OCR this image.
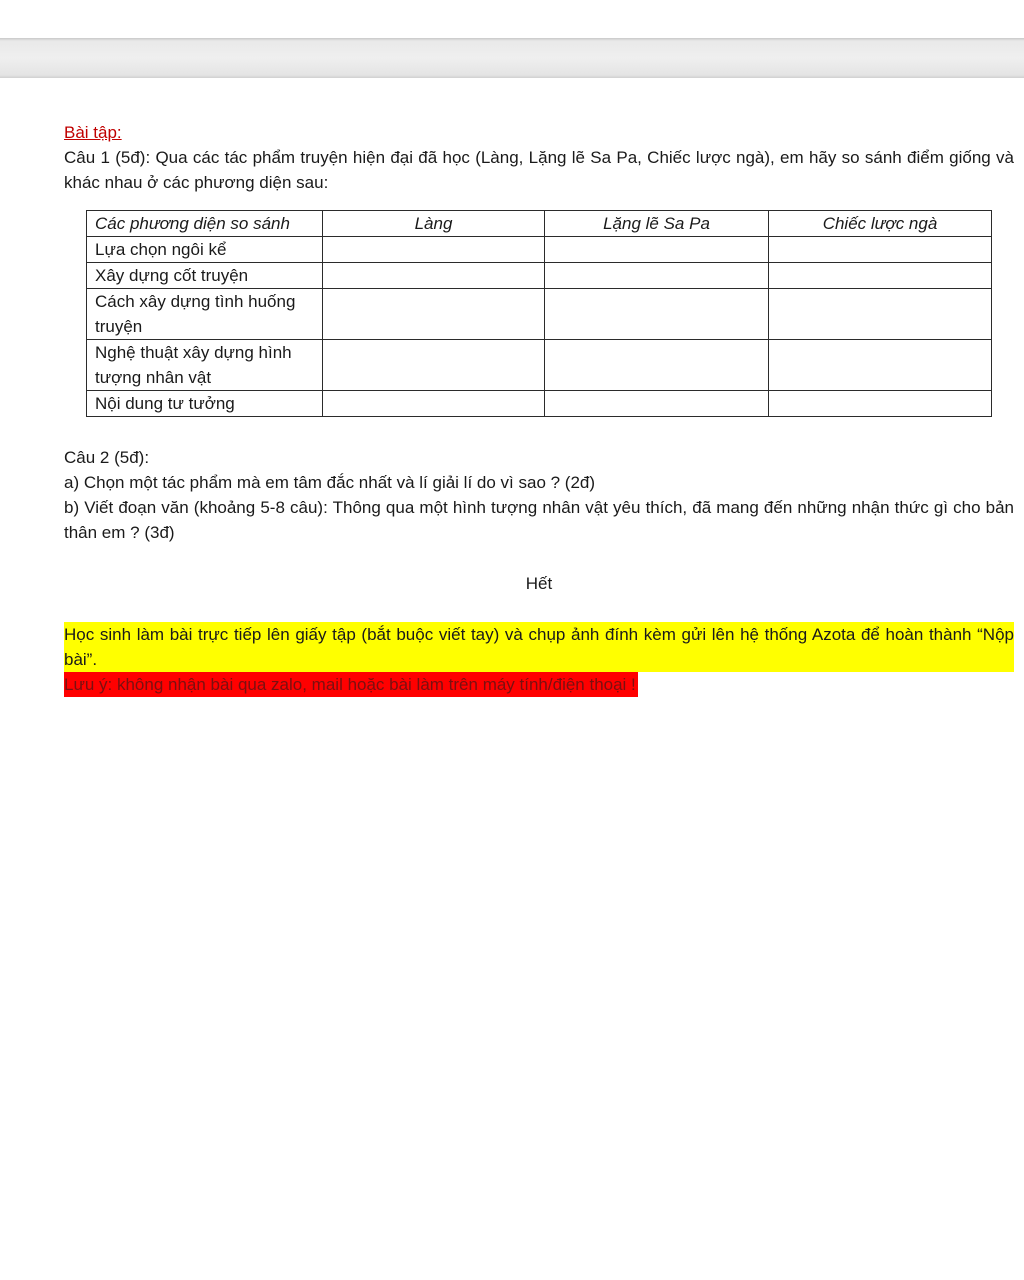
Bài tập:

Câu 1 (5đ): Qua các tác phẩm truyện hiện đại đã học (Làng, Lặng lẽ Sa Pa, Chiếc lược ngà), em hãy so sánh điểm giống và khác nhau ở các phương diện sau:

Các phương diện so sánh	Làng	Lặng lẽ Sa Pa	Chiếc lược ngà
Lựa chọn ngôi kể			
Xây dựng cốt truyện			
Cách xây dựng tình huống truyện			
Nghệ thuật xây dựng hình tượng nhân vật			
Nội dung tư tưởng			
Câu 2 (5đ):
a) Chọn một tác phẩm mà em tâm đắc nhất và lí giải lí do vì sao ? (2đ)
b) Viết đoạn văn (khoảng 5-8 câu): Thông qua một hình tượng nhân vật yêu thích, đã mang đến những nhận thức gì cho bản thân em ? (3đ)
Hết
Học sinh làm bài trực tiếp lên giấy tập (bắt buộc viết tay) và chụp ảnh đính kèm gửi lên hệ thống Azota để hoàn thành “Nộp bài”.
Lưu ý: không nhận bài qua zalo, mail hoặc bài làm trên máy tính/điện thoại !
